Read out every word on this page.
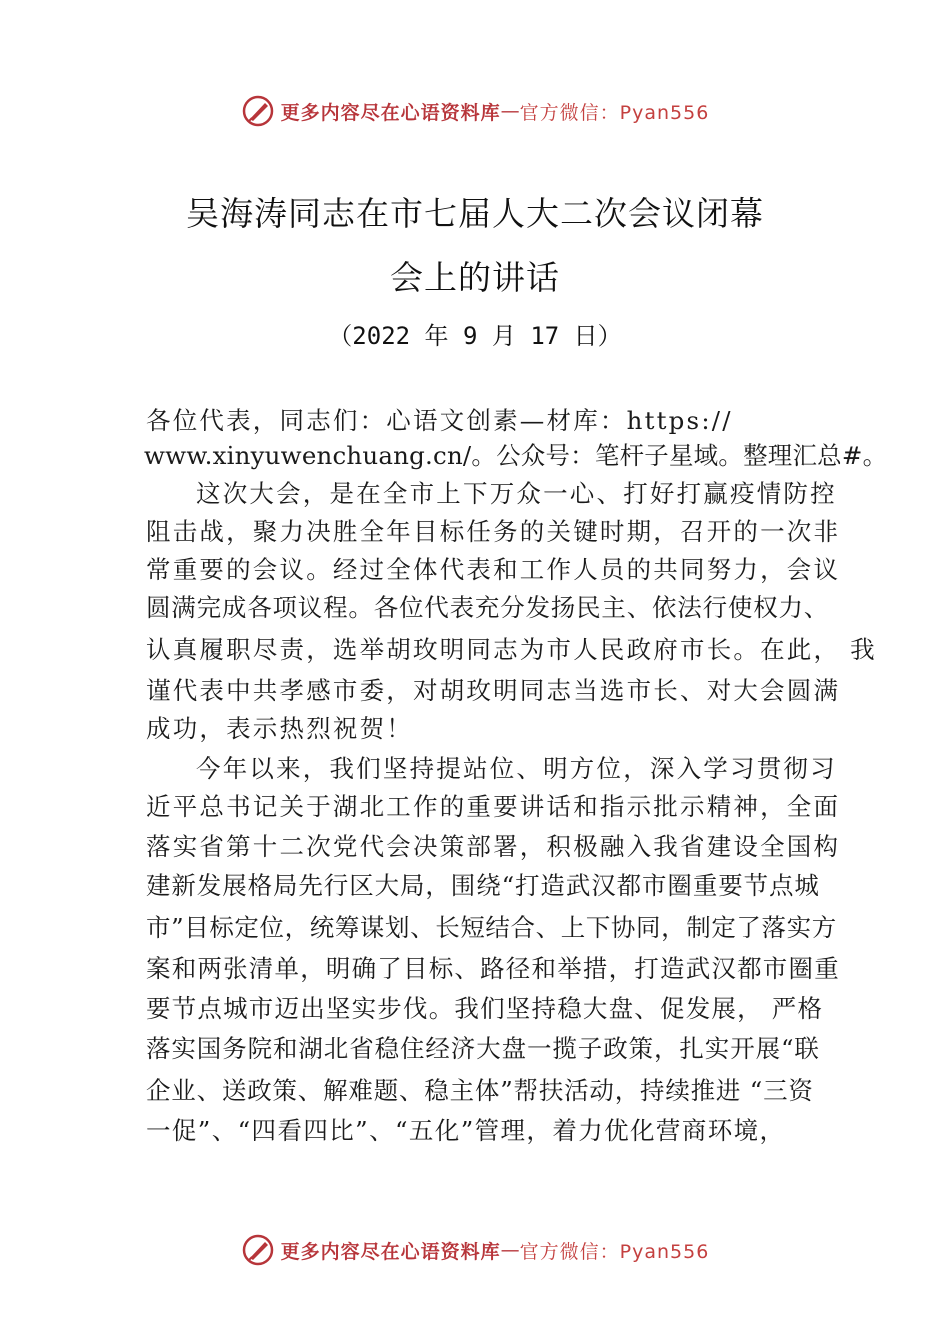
更多内容尽在心语资料库 — 官方微信：Pyan556
吴海涛同志在市七届人大二次会议闭幕
会上的讲话
（2022 年 9 月 17 日）
各位代表，同志们：心语文创素—材库：https://
www.xinyuwenchuang.cn/。公众号：笔杆子星域。整理汇总#。
这次大会，是在全市上下万众一心、打好打赢疫情防控
阻击战，聚力决胜全年目标任务的关键时期，召开的一次非
常重要的会议。经过全体代表和工作人员的共同努力，会议
圆满完成各项议程。各位代表充分发扬民主、依法行使权力、
认真履职尽责，选举胡玫明同志为市人民政府市长。在此， 我
谨代表中共孝感市委，对胡玫明同志当选市长、对大会圆满
成功，表示热烈祝贺！
今年以来，我们坚持提站位、明方位，深入学习贯彻习
近平总书记关于湖北工作的重要讲话和指示批示精神，全面
落实省第十二次党代会决策部署，积极融入我省建设全国构
建新发展格局先行区大局，围绕“打造武汉都市圈重要节点城
市”目标定位，统筹谋划、长短结合、上下协同，制定了落实方
案和两张清单，明确了目标、路径和举措，打造武汉都市圈重
要节点城市迈出坚实步伐。我们坚持稳大盘、促发展， 严格
落实国务院和湖北省稳住经济大盘一揽子政策，扎实开展“联
企业、送政策、解难题、稳主体”帮扶活动，持续推进 “三资
一促”、“四看四比”、“五化”管理，着力优化营商环境，
更多内容尽在心语资料库 — 官方微信：Pyan556
